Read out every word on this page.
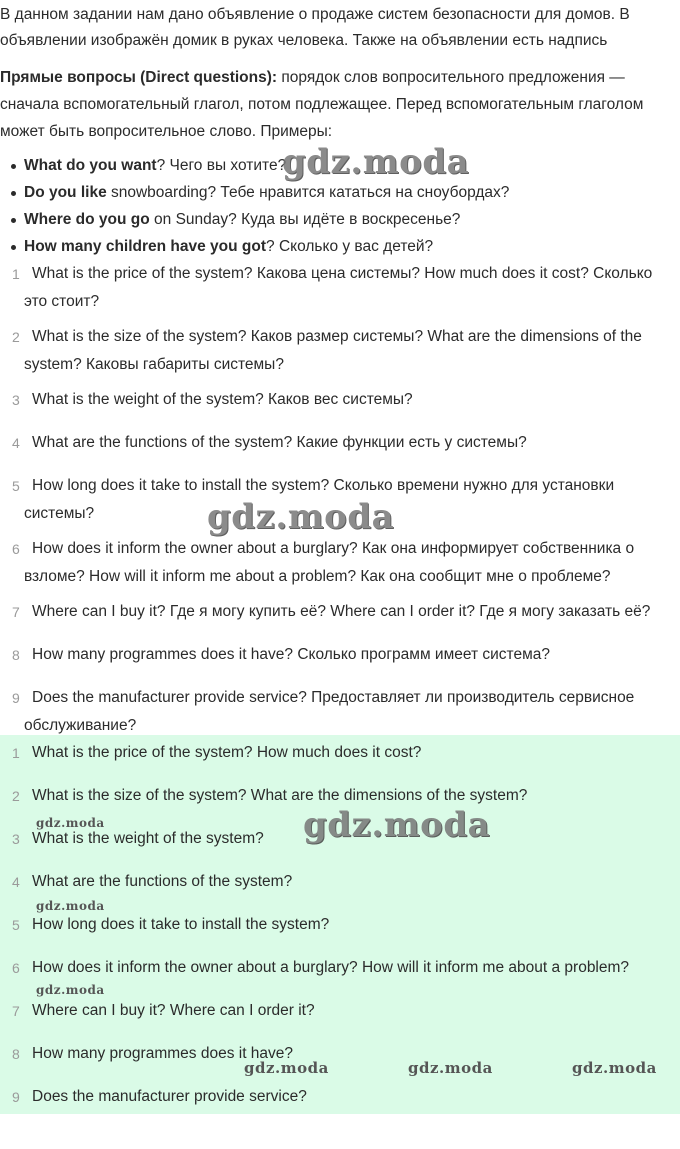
В данном задании нам дано объявление о продаже систем безопасности для домов. В объявлении изображён домик в руках человека. Также на объявлении есть надпись
Прямые вопросы (Direct questions): порядок слов вопросительного предложения — сначала вспомогательный глагол, потом подлежащее. Перед вспомогательным глаголом может быть вопросительное слово. Примеры:
What do you want? Чего вы хотите?
Do you like snowboarding? Тебе нравится кататься на сноубордах?
Where do you go on Sunday? Куда вы идёте в воскресенье?
How many children have you got? Сколько у вас детей?
1 What is the price of the system? Какова цена системы? How much does it cost? Сколько это стоит?
2 What is the size of the system? Каков размер системы? What are the dimensions of the system? Каковы габариты системы?
3 What is the weight of the system? Каков вес системы?
4 What are the functions of the system? Какие функции есть у системы?
5 How long does it take to install the system? Сколько времени нужно для установки системы?
6 How does it inform the owner about a burglary? Как она информирует собственника о взломе? How will it inform me about a problem? Как она сообщит мне о проблеме?
7 Where can I buy it? Где я могу купить её? Where can I order it? Где я могу заказать её?
8 How many programmes does it have? Сколько программ имеет система?
9 Does the manufacturer provide service? Предоставляет ли производитель сервисное обслуживание?
1 What is the price of the system? How much does it cost?
2 What is the size of the system? What are the dimensions of the system?
3 What is the weight of the system?
4 What are the functions of the system?
5 How long does it take to install the system?
6 How does it inform the owner about a burglary? How will it inform me about a problem?
7 Where can I buy it? Where can I order it?
8 How many programmes does it have?
9 Does the manufacturer provide service?
gdz.moda
gdz.moda
gdz.moda
gdz.moda
gdz.moda
gdz.moda
gdz.moda	gdz.moda	gdz.moda
